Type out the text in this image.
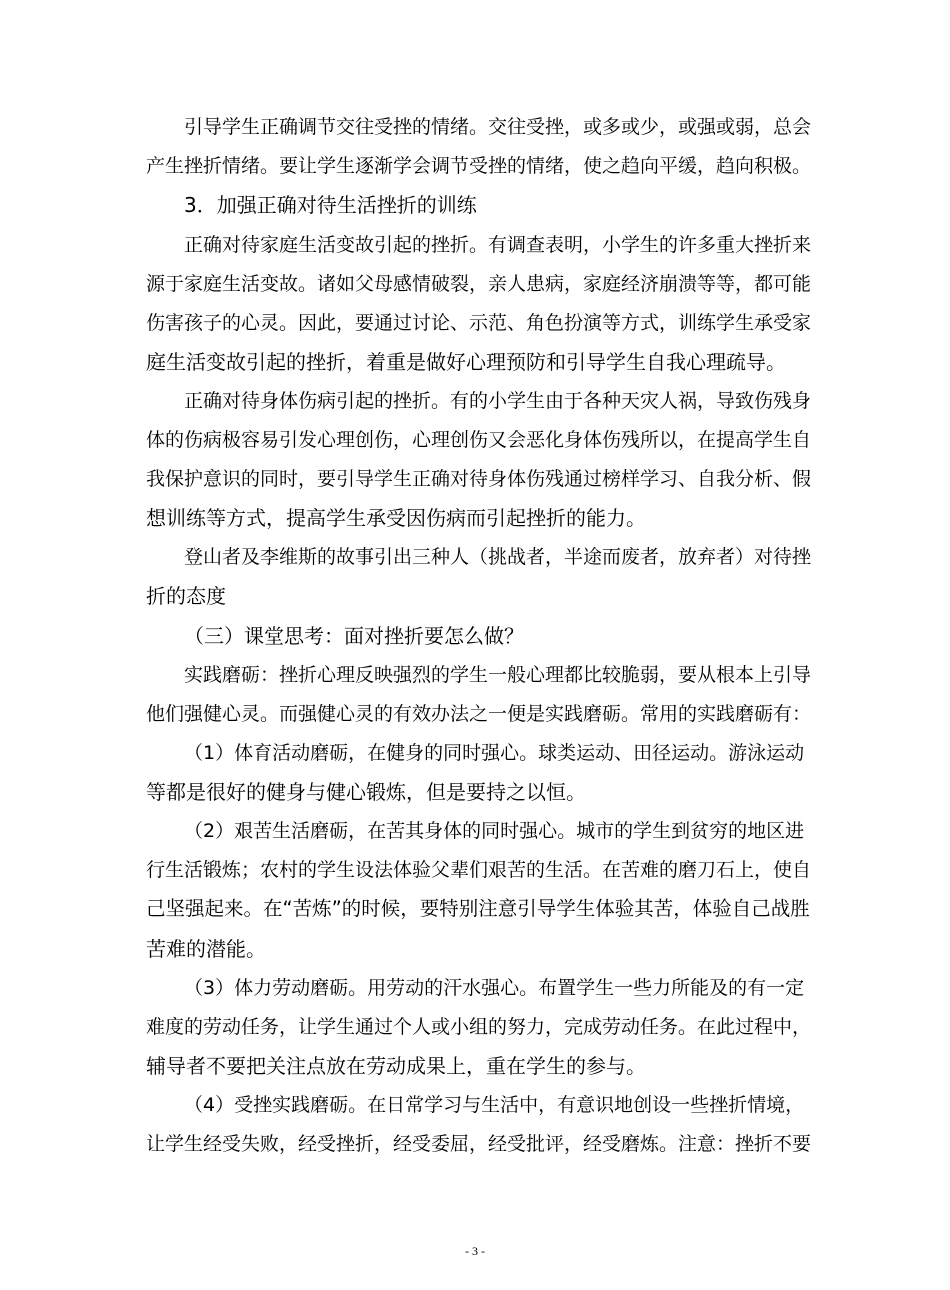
引导学生正确调节交往受挫的情绪。交往受挫，或多或少，或强或弱，总会
产生挫折情绪。要让学生逐渐学会调节受挫的情绪，使之趋向平缓，趋向积极。
3．加强正确对待生活挫折的训练
正确对待家庭生活变故引起的挫折。有调查表明，小学生的许多重大挫折来
源于家庭生活变故。诸如父母感情破裂，亲人患病，家庭经济崩溃等等，都可能
伤害孩子的心灵。因此，要通过讨论、示范、角色扮演等方式，训练学生承受家
庭生活变故引起的挫折，着重是做好心理预防和引导学生自我心理疏导。
正确对待身体伤病引起的挫折。有的小学生由于各种天灾人祸，导致伤残身
体的伤病极容易引发心理创伤，心理创伤又会恶化身体伤残所以，在提高学生自
我保护意识的同时，要引导学生正确对待身体伤残通过榜样学习、自我分析、假
想训练等方式，提高学生承受因伤病而引起挫折的能力。
登山者及李维斯的故事引出三种人（挑战者，半途而废者，放弃者）对待挫
折的态度
（三）课堂思考：面对挫折要怎么做？
实践磨砺：挫折心理反映强烈的学生一般心理都比较脆弱，要从根本上引导
他们强健心灵。而强健心灵的有效办法之一便是实践磨砺。常用的实践磨砺有：
（1）体育活动磨砺，在健身的同时强心。球类运动、田径运动。游泳运动
等都是很好的健身与健心锻炼，但是要持之以恒。
（2）艰苦生活磨砺，在苦其身体的同时强心。城市的学生到贫穷的地区进
行生活锻炼；农村的学生设法体验父辈们艰苦的生活。在苦难的磨刀石上，使自
己坚强起来。在“苦炼”的时候，要特别注意引导学生体验其苦，体验自己战胜
苦难的潜能。
（3）体力劳动磨砺。用劳动的汗水强心。布置学生一些力所能及的有一定
难度的劳动任务，让学生通过个人或小组的努力，完成劳动任务。在此过程中，
辅导者不要把关注点放在劳动成果上，重在学生的参与。
（4）受挫实践磨砺。在日常学习与生活中，有意识地创设一些挫折情境，
让学生经受失败，经受挫折，经受委屈，经受批评，经受磨炼。注意：挫折不要
- 3 -
